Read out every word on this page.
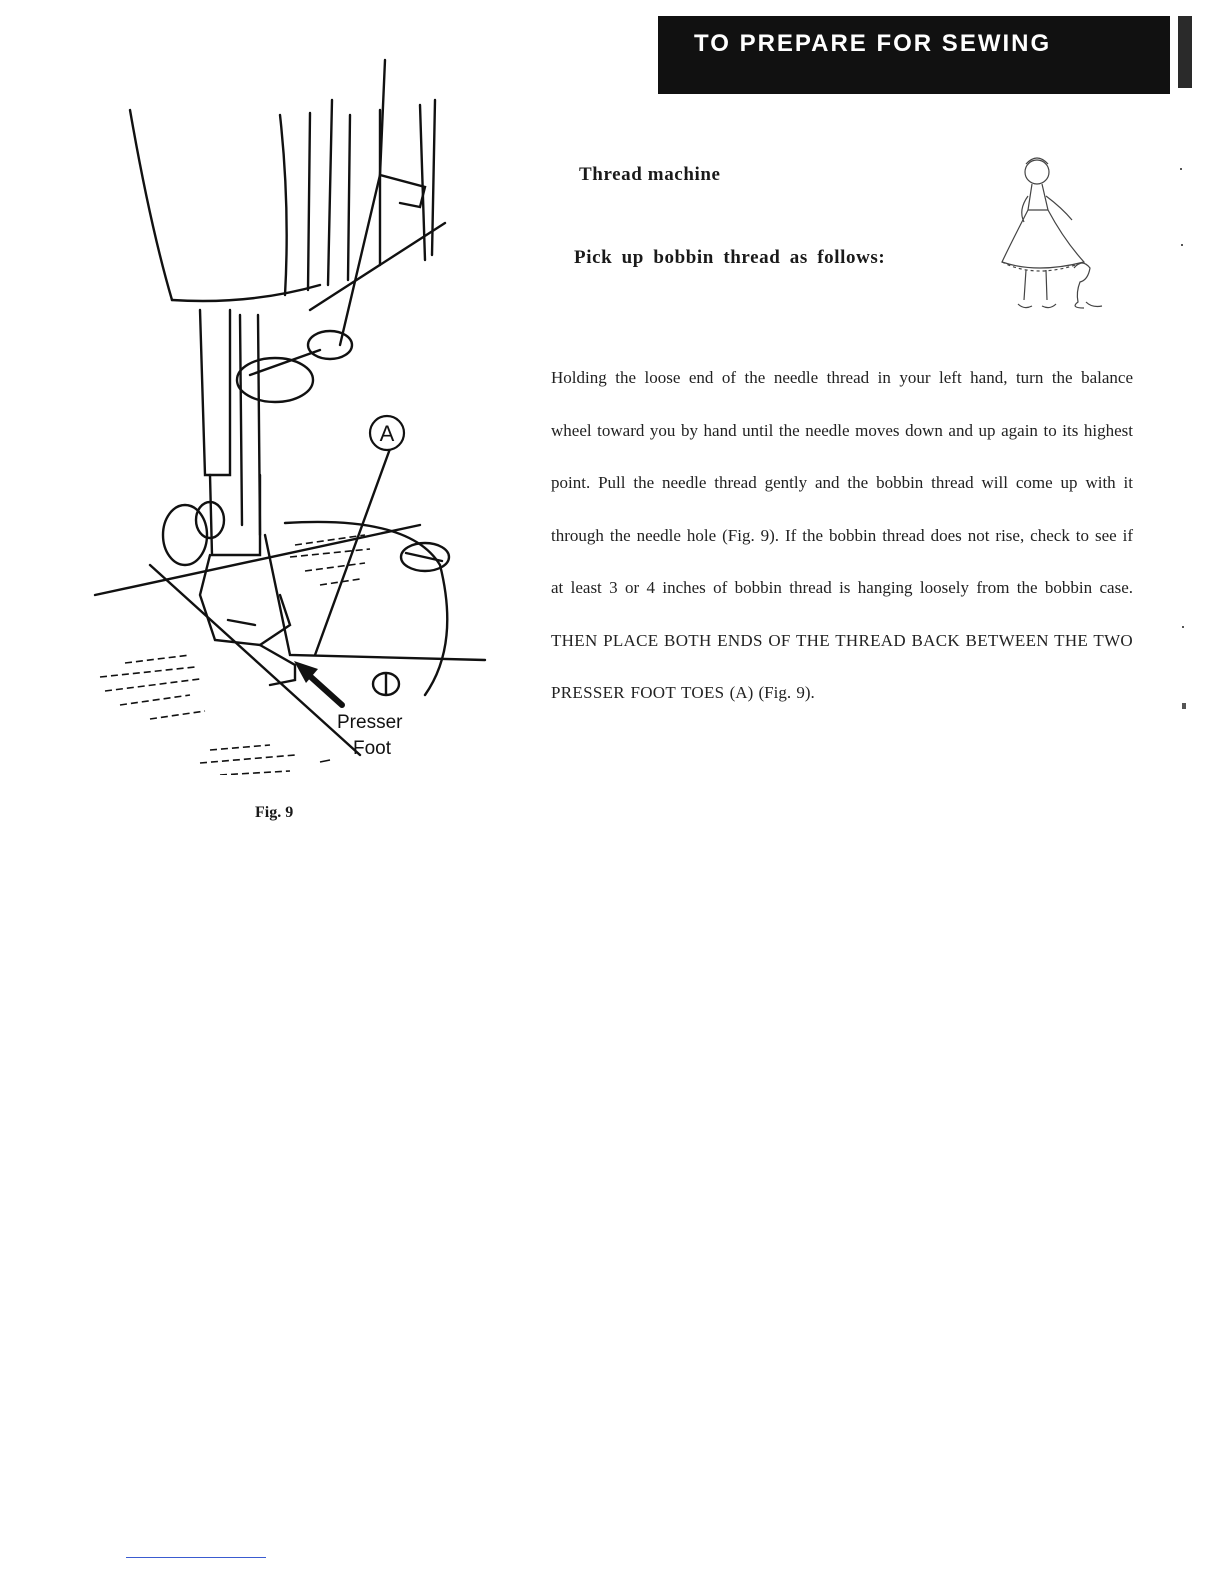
TO PREPARE FOR SEWING
Thread machine
Pick up bobbin thread as follows:
Holding the loose end of the needle thread in your left hand, turn the balance wheel toward you by hand until the needle moves down and up again to its highest point. Pull the needle thread gently and the bobbin thread will come up with it through the needle hole (Fig. 9). If the bobbin thread does not rise, check to see if at least 3 or 4 inches of bobbin thread is hanging loosely from the bobbin case. THEN PLACE BOTH ENDS OF THE THREAD BACK BETWEEN THE TWO PRESSER FOOT TOES (A) (Fig. 9).
A
Presser
Foot
Fig. 9
